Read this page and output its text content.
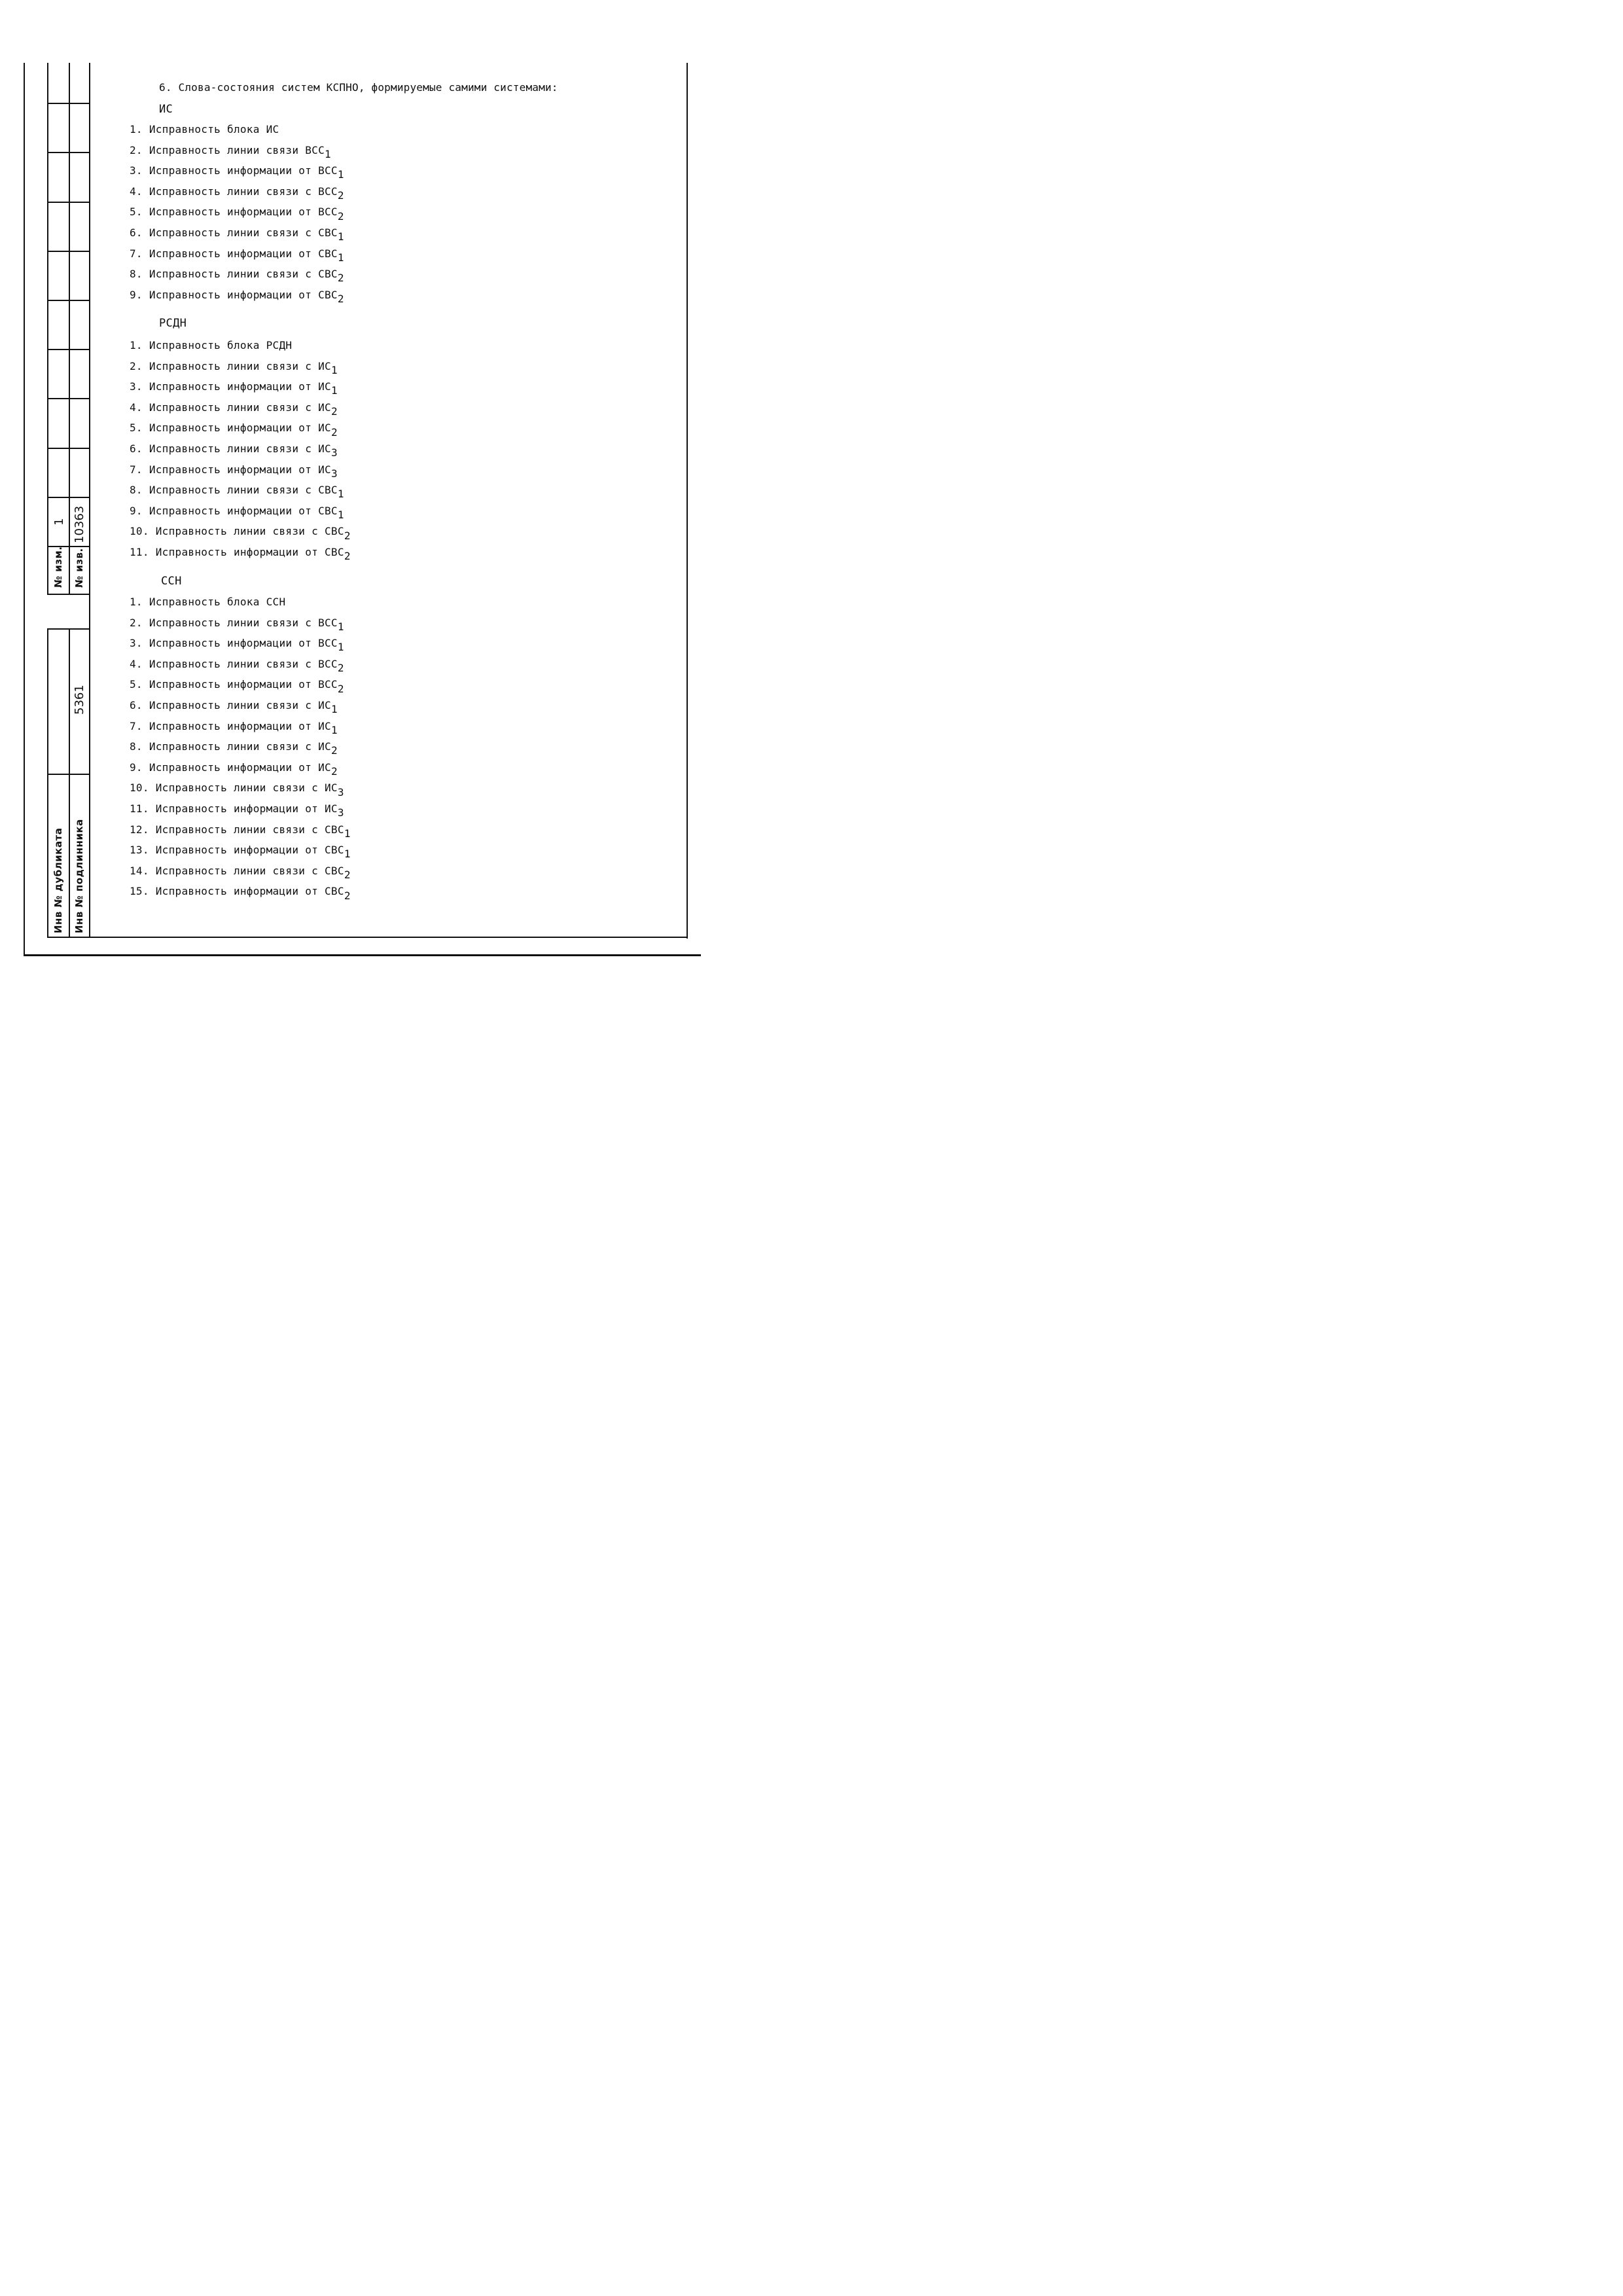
№ изм.
1
№ изв.
10363
5361
Инв № дубликата Инв № подлинника
6. Слова-состояния систем КСПНО, формируемые самими системами:
ИС
1. Исправность блока ИС
2. Исправность линии связи $ВСС_1$
3. Исправность информации от $ВСС_1$
4. Исправность линии связи с $ВСС_2$
5. Исправность информации от $ВСС_2$
6. Исправность линии связи с $СВС_1$
7. Исправность информации от $СВС_1$
8. Исправность линии связи с $СВС_2$
9. Исправность информации от $СВС_2$
РСДН
1. Исправность блока РСДН
2. Исправность линии связи с $ИС_1$
3. Исправность информации от $ИС_1$
4. Исправность линии связи с $ИС_2$
5. Исправность информации от $ИС_2$
6. Исправность линии связи с $ИС_3$
7. Исправность информации от $ИС_3$
8. Исправность линии связи с $СВС_1$
9. Исправность информации от $СВС_1$
10. Исправность линии связи с $СВС_2$
11. Исправность информации от $СВС_2$
ССН
1. Исправность блока ССН
2. Исправность линии связи с $ВСС_1$
3. Исправность информации от $ВСС_1$
4. Исправность линии связи с $ВСС_2$
5. Исправность информации от $ВСС_2$
6. Исправность линии связи с $ИС_1$
7. Исправность информации от $ИС_1$
8. Исправность линии связи с $ИС_2$
9. Исправность информации от $ИС_2$
10. Исправность линии связи с $ИС_3$
11. Исправность информации от $ИС_3$
12. Исправность линии связи с $СВС_1$
13. Исправность информации от $СВС_1$
14. Исправность линии связи с $СВС_2$
15. Исправность информации от $СВС_2$
